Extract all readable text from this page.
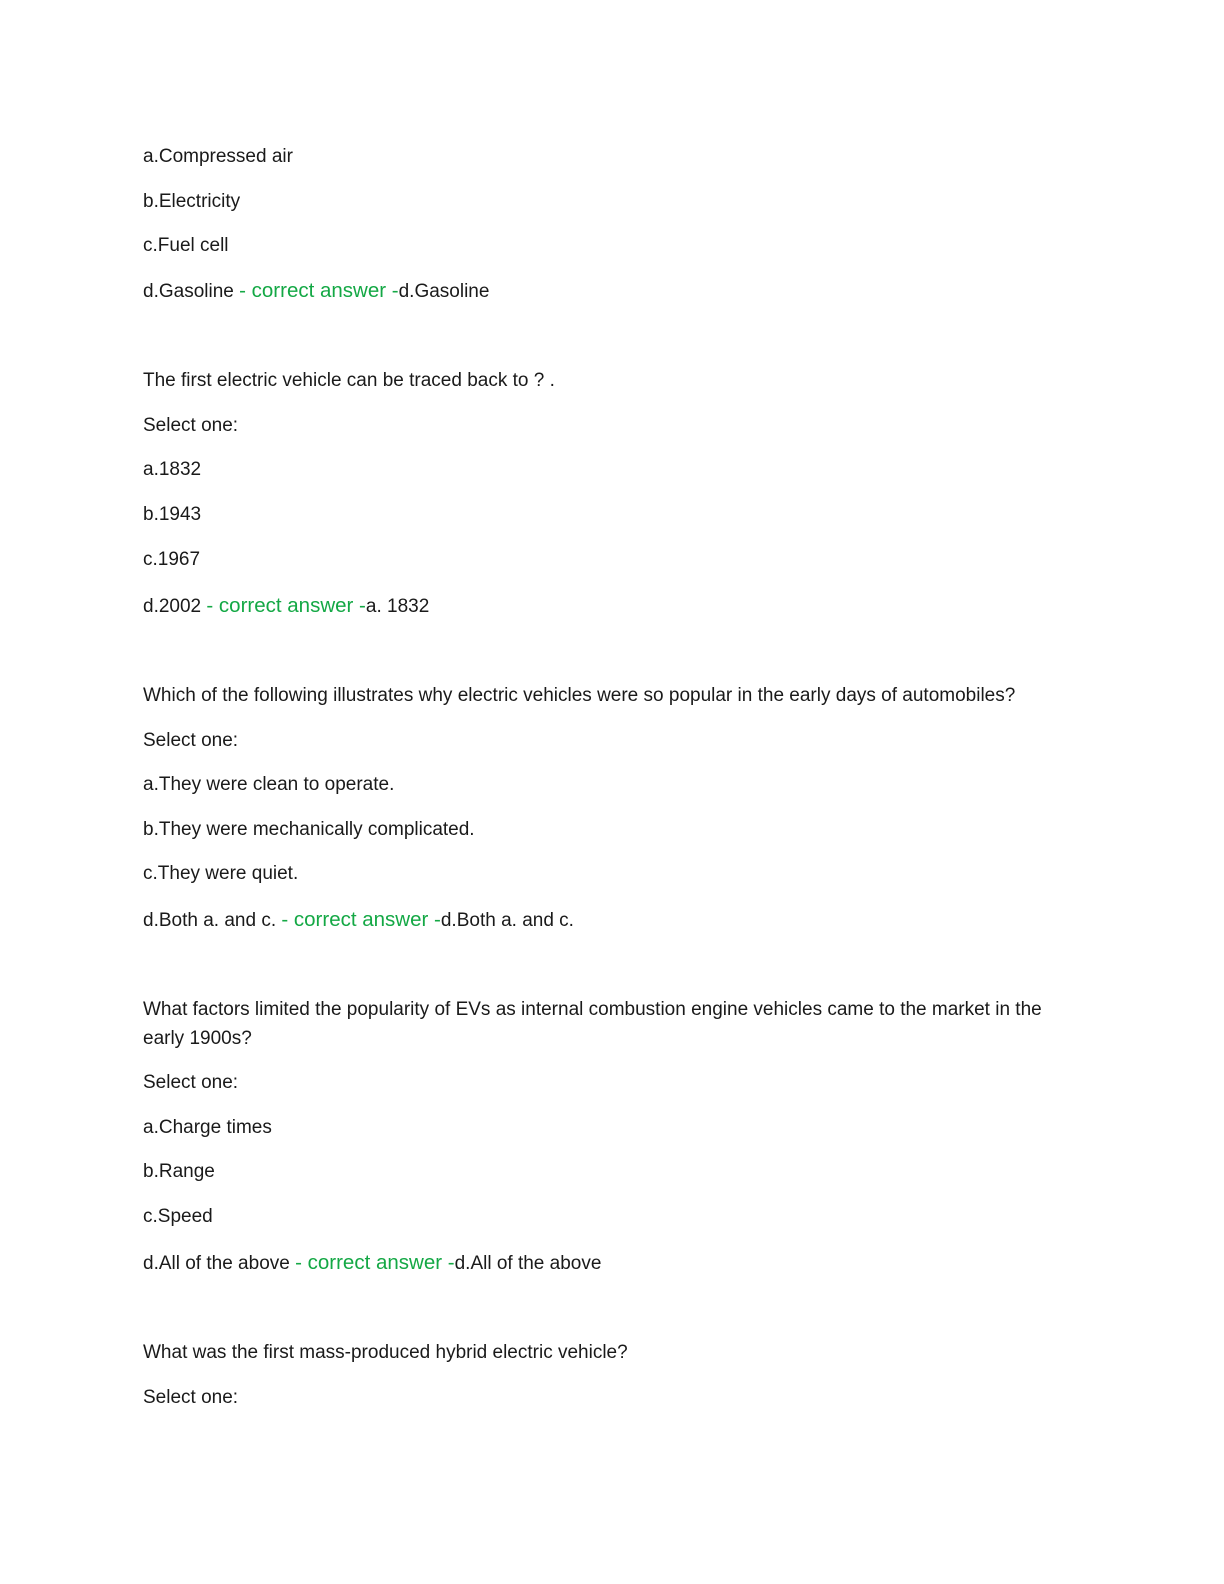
a.Compressed air
b.Electricity
c.Fuel cell
d.Gasoline - correct answer -d.Gasoline
The first electric vehicle can be traced back to ? .
Select one:
a.1832
b.1943
c.1967
d.2002 - correct answer -a. 1832
Which of the following illustrates why electric vehicles were so popular in the early days of automobiles?
Select one:
a.They were clean to operate.
b.They were mechanically complicated.
c.They were quiet.
d.Both a. and c. - correct answer -d.Both a. and c.
What factors limited the popularity of EVs as internal combustion engine vehicles came to the market in the early 1900s?
Select one:
a.Charge times
b.Range
c.Speed
d.All of the above - correct answer -d.All of the above
What was the first mass-produced hybrid electric vehicle?
Select one:
